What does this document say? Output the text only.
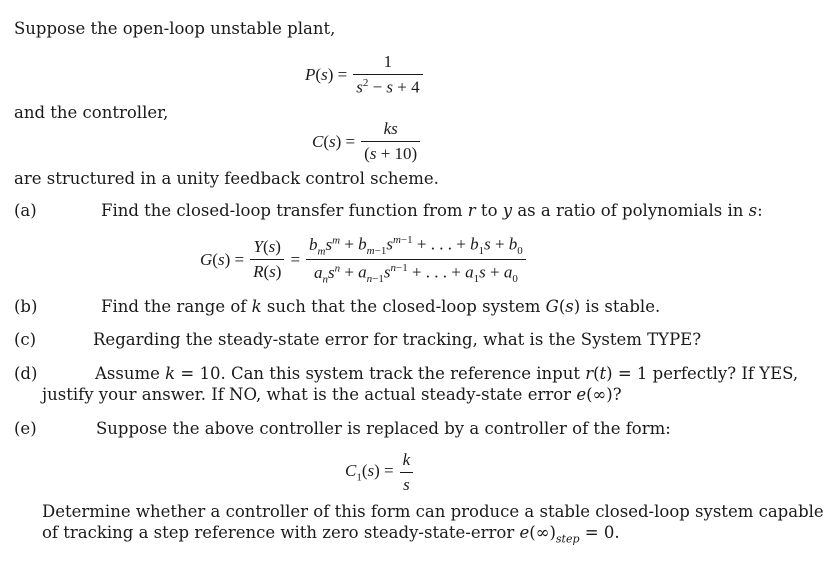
Suppose the open-loop unstable plant,
$P(s) = \frac{1}{s^2 - s + 4}$
and the controller,
$C(s) = \frac{ks}{(s + 10)}$
are structured in a unity feedback control scheme.
(a)	Find the closed-loop transfer function from r to y as a ratio of polynomials in s:
$G(s) = \frac{Y(s)}{R(s)} = \frac{b_ms^m + b_{m-1}s^{m-1} + . . . + b_1s + b_0}{a_ns^n + a_{n-1}s^{n-1} + . . . + a_1s + a_0}$
(b)	Find the range of k such that the closed-loop system G(s) is stable.
(c)	Regarding the steady-state error for tracking, what is the System TYPE?
(d)	Assume k = 10. Can this system track the reference input r(t) = 1 perfectly? If YES,
justify your answer. If NO, what is the actual steady-state error e(∞)?
(e)	Suppose the above controller is replaced by a controller of the form:
$C_1(s) = \frac{k}{s}$
Determine whether a controller of this form can produce a stable closed-loop system capable
of tracking a step reference with zero steady-state-error $e(\infty)_{step} = 0$.
